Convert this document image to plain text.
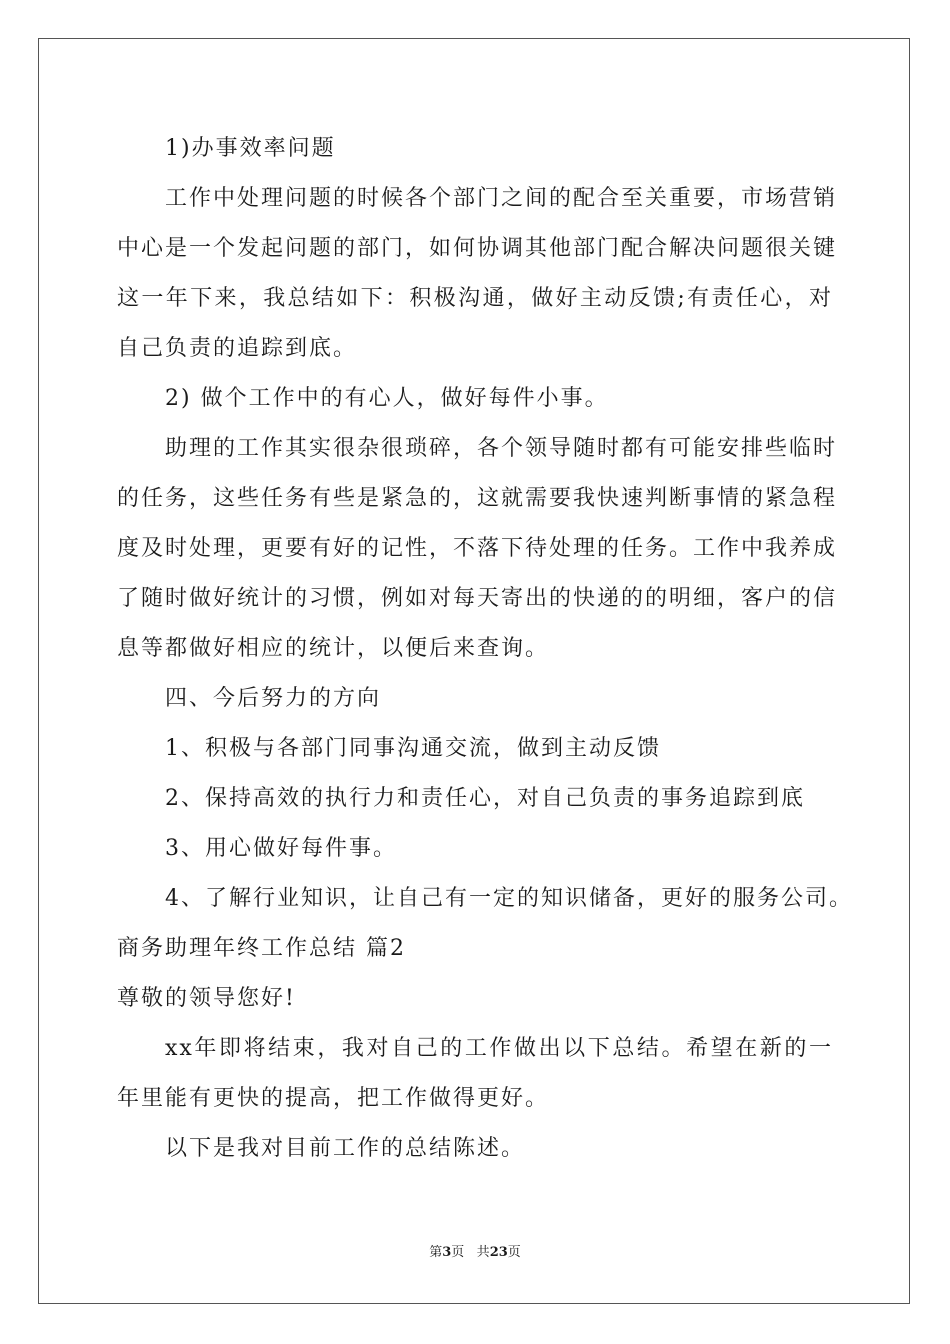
1)办事效率问题
工作中处理问题的时候各个部门之间的配合至关重要，市场营销
中心是一个发起问题的部门，如何协调其他部门配合解决问题很关键
这一年下来，我总结如下：积极沟通，做好主动反馈;有责任心，对
自己负责的追踪到底。
2) 做个工作中的有心人，做好每件小事。
助理的工作其实很杂很琐碎，各个领导随时都有可能安排些临时
的任务，这些任务有些是紧急的，这就需要我快速判断事情的紧急程
度及时处理，更要有好的记性，不落下待处理的任务。工作中我养成
了随时做好统计的习惯，例如对每天寄出的快递的的明细，客户的信
息等都做好相应的统计，以便后来查询。
四、今后努力的方向
1、积极与各部门同事沟通交流，做到主动反馈
2、保持高效的执行力和责任心，对自己负责的事务追踪到底
3、用心做好每件事。
4、了解行业知识，让自己有一定的知识储备，更好的服务公司。
商务助理年终工作总结 篇2
尊敬的领导您好!
xx年即将结束，我对自己的工作做出以下总结。希望在新的一
年里能有更快的提高，把工作做得更好。
以下是我对目前工作的总结陈述。
第3页 共23页
